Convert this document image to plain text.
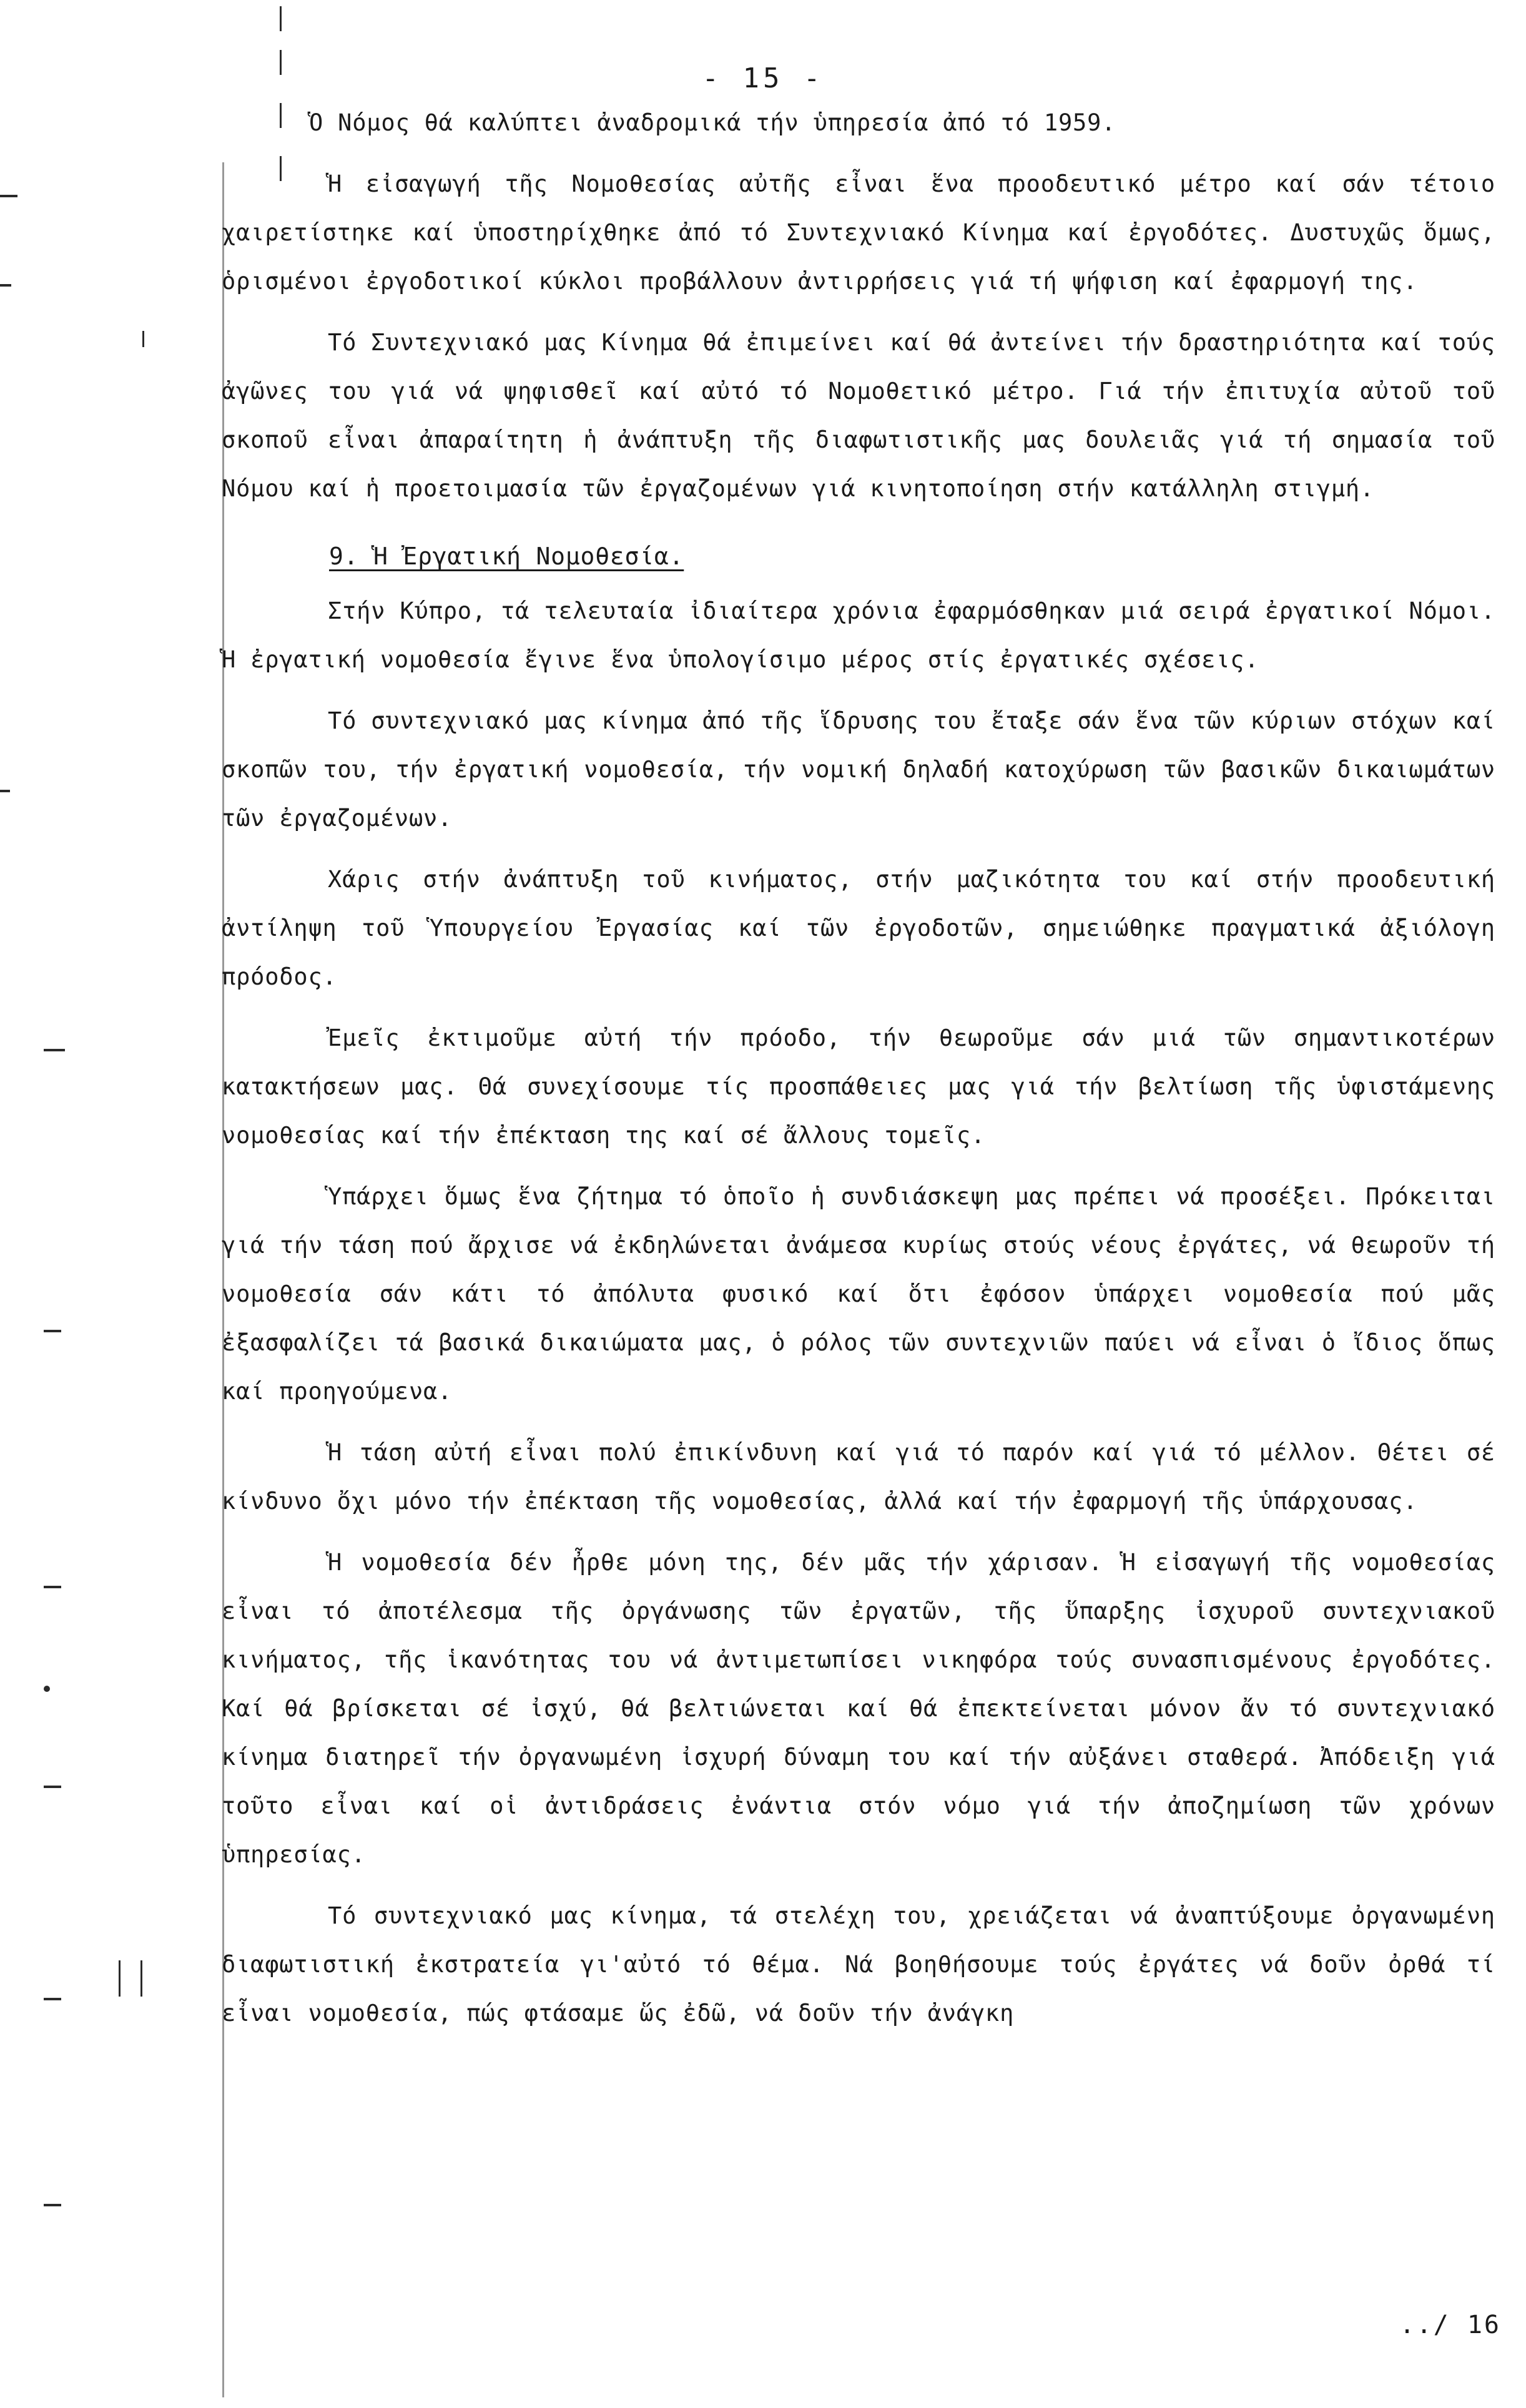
- 15 -

Ὁ Νόμος θά καλύπτει ἀναδρομικά τήν ὑπηρεσία ἀπό τό 1959.

Ἡ εἰσαγωγή τῆς Νομοθεσίας αὐτῆς εἶναι ἕνα προοδευτικό μέτρο καί σάν τέτοιο χαιρετίστηκε καί ὑποστηρίχθηκε ἀπό τό Συντεχνιακό Κίνημα καί ἐργοδότες. Δυστυχῶς ὅμως, ὁρισμένοι ἐργοδοτικοί κύκλοι προβάλλουν ἀντιρρήσεις γιά τή ψήφιση καί ἐφαρμογή της.

Τό Συντεχνιακό μας Κίνημα θά ἐπιμείνει καί θά ἀντείνει τήν δραστηριότητα καί τούς ἀγῶνες του γιά νά ψηφισθεῖ καί αὐτό τό Νομοθετικό μέτρο. Γιά τήν ἐπιτυχία αὐτοῦ τοῦ σκοποῦ εἶναι ἀπαραίτητη ἡ ἀνάπτυξη τῆς διαφωτιστικῆς μας δουλειᾶς γιά τή σημασία τοῦ Νόμου καί ἡ προετοιμασία τῶν ἐργαζομένων γιά κινητοποίηση στήν κατάλληλη στιγμή.

9. Ἡ Ἐργατική Νομοθεσία.

Στήν Κύπρο, τά τελευταία ἰδιαίτερα χρόνια ἐφαρμόσθηκαν μιά σειρά ἐργατικοί Νόμοι. Ἡ ἐργατική νομοθεσία ἔγινε ἕνα ὑπολογίσιμο μέρος στίς ἐργατικές σχέσεις.

Τό συντεχνιακό μας κίνημα ἀπό τῆς ἵδρυσης του ἔταξε σάν ἕνα τῶν κύριων στόχων καί σκοπῶν του, τήν ἐργατική νομοθεσία, τήν νομική δηλαδή κατοχύρωση τῶν βασικῶν δικαιωμάτων τῶν ἐργαζομένων.

Χάρις στήν ἀνάπτυξη τοῦ κινήματος, στήν μαζικότητα του καί στήν προοδευτική ἀντίληψη τοῦ Ὑπουργείου Ἐργασίας καί τῶν ἐργοδοτῶν, σημειώθηκε πραγματικά ἀξιόλογη πρόοδος.

Ἐμεῖς ἐκτιμοῦμε αὐτή τήν πρόοδο, τήν θεωροῦμε σάν μιά τῶν σημαντικοτέρων κατακτήσεων μας. Θά συνεχίσουμε τίς προσπάθειες μας γιά τήν βελτίωση τῆς ὑφιστάμενης νομοθεσίας καί τήν ἐπέκταση της καί σέ ἄλλους τομεῖς.

Ὑπάρχει ὅμως ἕνα ζήτημα τό ὁποῖο ἡ συνδιάσκεψη μας πρέπει νά προσέξει. Πρόκειται γιά τήν τάση πού ἄρχισε νά ἐκδηλώνεται ἀνάμεσα κυρίως στούς νέους ἐργάτες, νά θεωροῦν τή νομοθεσία σάν κάτι τό ἀπόλυτα φυσικό καί ὅτι ἐφόσον ὑπάρχει νομοθεσία πού μᾶς ἐξασφαλίζει τά βασικά δικαιώματα μας, ὁ ρόλος τῶν συντεχνιῶν παύει νά εἶναι ὁ ἴδιος ὅπως καί προηγούμενα.

Ἡ τάση αὐτή εἶναι πολύ ἐπικίνδυνη καί γιά τό παρόν καί γιά τό μέλλον. Θέτει σέ κίνδυνο ὄχι μόνο τήν ἐπέκταση τῆς νομοθεσίας, ἀλλά καί τήν ἐφαρμογή τῆς ὑπάρχουσας.

Ἡ νομοθεσία δέν ἦρθε μόνη της, δέν μᾶς τήν χάρισαν. Ἡ εἰσαγωγή τῆς νομοθεσίας εἶναι τό ἀποτέλεσμα τῆς ὀργάνωσης τῶν ἐργατῶν, τῆς ὕπαρξης ἰσχυροῦ συντεχνιακοῦ κινήματος, τῆς ἱκανότητας του νά ἀντιμετωπίσει νικηφόρα τούς συνασπισμένους ἐργοδότες. Καί θά βρίσκεται σέ ἰσχύ, θά βελτιώνεται καί θά ἐπεκτείνεται μόνον ἄν τό συντεχνιακό κίνημα διατηρεῖ τήν ὀργανωμένη ἰσχυρή δύναμη του καί τήν αὐξάνει σταθερά. Ἀπόδειξη γιά τοῦτο εἶναι καί οἱ ἀντιδράσεις ἐνάντια στόν νόμο γιά τήν ἀποζημίωση τῶν χρόνων ὑπηρεσίας.

Τό συντεχνιακό μας κίνημα, τά στελέχη του, χρειάζεται νά ἀναπτύξουμε ὀργανωμένη διαφωτιστική ἐκστρατεία γι'αὐτό τό θέμα. Νά βοηθήσουμε τούς ἐργάτες νά δοῦν ὀρθά τί εἶναι νομοθεσία, πώς φτάσαμε ὥς ἐδῶ, νά δοῦν τήν ἀνάγκη

../ 16
